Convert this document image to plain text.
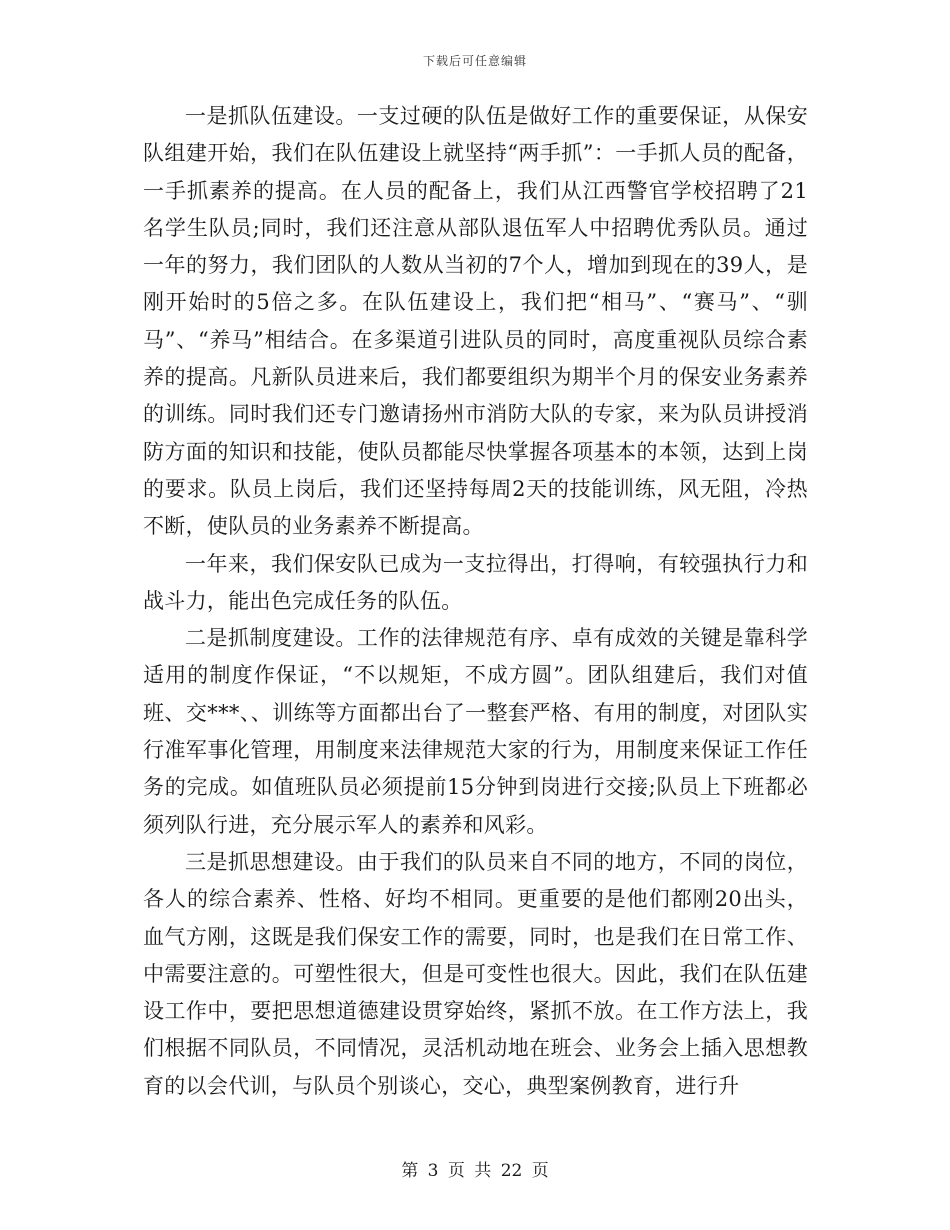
下载后可任意编辑

一是抓队伍建设。一支过硬的队伍是做好工作的重要保证，从保安队组建开始，我们在队伍建设上就坚持“两手抓”：一手抓人员的配备，一手抓素养的提高。在人员的配备上，我们从江西警官学校招聘了21名学生队员;同时，我们还注意从部队退伍军人中招聘优秀队员。通过一年的努力，我们团队的人数从当初的7个人，增加到现在的39人，是刚开始时的5倍之多。在队伍建设上，我们把“相马”、“赛马”、“驯马”、“养马”相结合。在多渠道引进队员的同时，高度重视队员综合素养的提高。凡新队员进来后，我们都要组织为期半个月的保安业务素养的训练。同时我们还专门邀请扬州市消防大队的专家，来为队员讲授消防方面的知识和技能，使队员都能尽快掌握各项基本的本领，达到上岗的要求。队员上岗后，我们还坚持每周2天的技能训练，风无阻，冷热不断，使队员的业务素养不断提高。

一年来，我们保安队已成为一支拉得出，打得响，有较强执行力和战斗力，能出色完成任务的队伍。

二是抓制度建设。工作的法律规范有序、卓有成效的关键是靠科学适用的制度作保证，“不以规矩，不成方圆”。团队组建后，我们对值班、交***、、训练等方面都出台了一整套严格、有用的制度，对团队实行准军事化管理，用制度来法律规范大家的行为，用制度来保证工作任务的完成。如值班队员必须提前15分钟到岗进行交接;队员上下班都必须列队行进，充分展示军人的素养和风彩。

三是抓思想建设。由于我们的队员来自不同的地方，不同的岗位，各人的综合素养、性格、好均不相同。更重要的是他们都刚20出头，血气方刚，这既是我们保安工作的需要，同时，也是我们在日常工作、中需要注意的。可塑性很大，但是可变性也很大。因此，我们在队伍建设工作中，要把思想道德建设贯穿始终，紧抓不放。在工作方法上，我们根据不同队员，不同情况，灵活机动地在班会、业务会上插入思想教育的以会代训，与队员个别谈心，交心，典型案例教育，进行升

第 3 页 共 22 页
